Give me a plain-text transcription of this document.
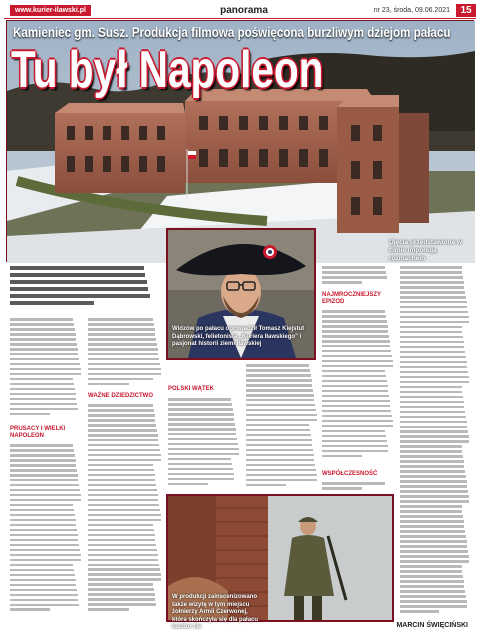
www.kurier-ilawski.pl	panorama	nr 23, środa, 09.06.2021	15
Kamieniec gm. Susz. Produkcja filmowa poświęcona burzliwym dziejom pałacu
Tu był Napoleon
Ujęcia przedstawione w filmie imponują rozmachem
PRUSACY I WIELKI NAPOLEON
WAŻNE DZIEDZICTWO
POLSKI WĄTEK
NAJMROCZNIEJSZY EPIZOD
WSPÓŁCZESNOŚĆ
Widzów po pałacu oprowadził Tomasz Kiejstut Dąbrowski, felietonista „Kuriera Iławskiego” i pasjonat historii ziemi iławskiej
W produkcji zainscenizowano także wizytę w tym miejscu żołnierzy Armii Czerwonej, która skończyła się dla pałacu bardzo źle	MARCIN ŚWIĘCIŃSKI
